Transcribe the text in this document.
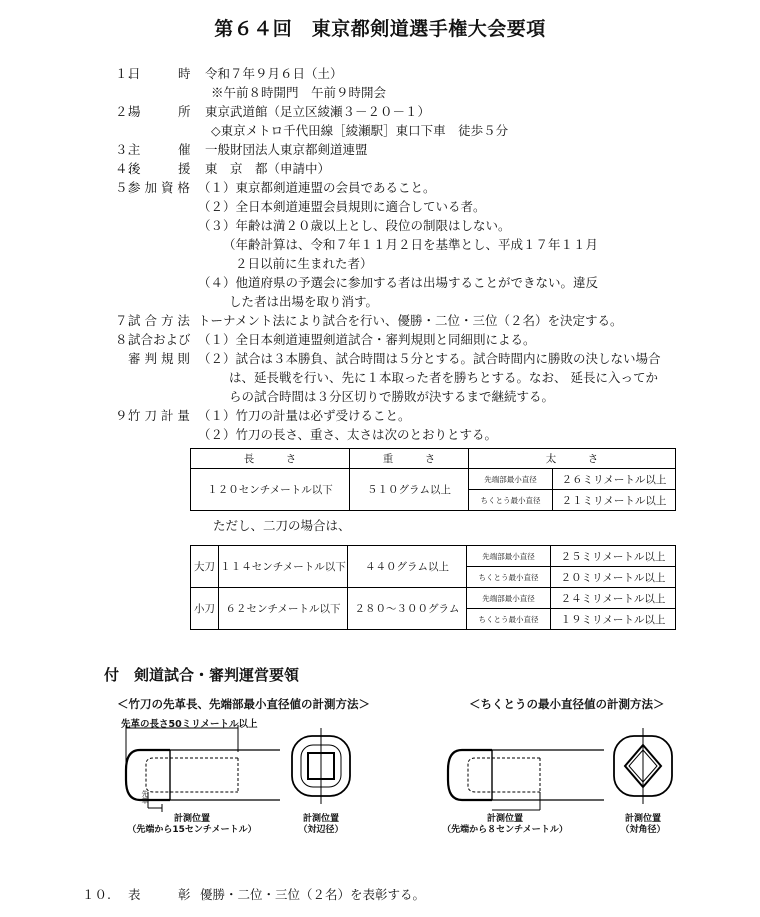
第６４回　東京都剣道選手権大会要項
１.
日　　　時 令和７年９月６日（土）
※午前８時開門　午前９時開会
２.
場　　　所 東京武道館（足立区綾瀬３－２０－１）
◇東京メトロ千代田線［綾瀬駅］東口下車　徒歩５分
３.
主　　　催 一般財団法人東京都剣道連盟
４.
後　　　援 東　京　都（申請中）
５.
参 加 資 格 （１）東京都剣道連盟の会員であること。
（２）全日本剣道連盟会員規則に適合している者。
（３）年齢は満２０歳以上とし、段位の制限はしない。
（年齢計算は、令和７年１１月２日を基準とし、平成１７年１１月
２日以前に生まれた者）
（４）他道府県の予選会に参加する者は出場することができない。違反
した者は出場を取り消す。
７.
試 合 方 法 トーナメント法により試合を行い、優勝・二位・三位（２名）を決定する。
８.
試合および
審 判 規 則
（１）全日本剣道連盟剣道試合・審判規則と同細則による。
（２）試合は３本勝負、試合時間は５分とする。試合時間内に勝敗の決しない場合
は、延長戦を行い、先に１本取った者を勝ちとする。なお、 延長に入ってか
らの試合時間は３分区切りで勝敗が決するまで継続する。
９.
竹 刀 計 量 （１）竹刀の計量は必ず受けること。
（２）竹刀の長さ、重さ、太さは次のとおりとする。
長　　　さ	重　　　さ	太　　　さ	
１２０センチメートル以下	５１０グラム以上	先端部最小直径	２６ミリメートル以上
		ちくとう最小直径	２１ミリメートル以上
ただし、二刀の場合は、
大刀	１１４センチメートル以下	４４０グラム以上	先端部最小直径	２５ミリメートル以上
			ちくとう最小直径	２０ミリメートル以上
小刀	６２センチメートル以下	２８０～３００グラム	先端部最小直径	２４ミリメートル以上
			ちくとう最小直径	１９ミリメートル以上
付　剣道試合・審判運営要領
＜竹刀の先革長、先端部最小直径値の計測方法＞	＜ちくとうの最小直径値の計測方法＞
先革の長さ50ミリメートル以上
先革
計測位置
（先端から15センチメートル）
計測位置
（対辺径）
計測位置
（先端から８センチメートル）
計測位置
（対角径）
１０. 表　　　彰 優勝・二位・三位（２名）を表彰する。
